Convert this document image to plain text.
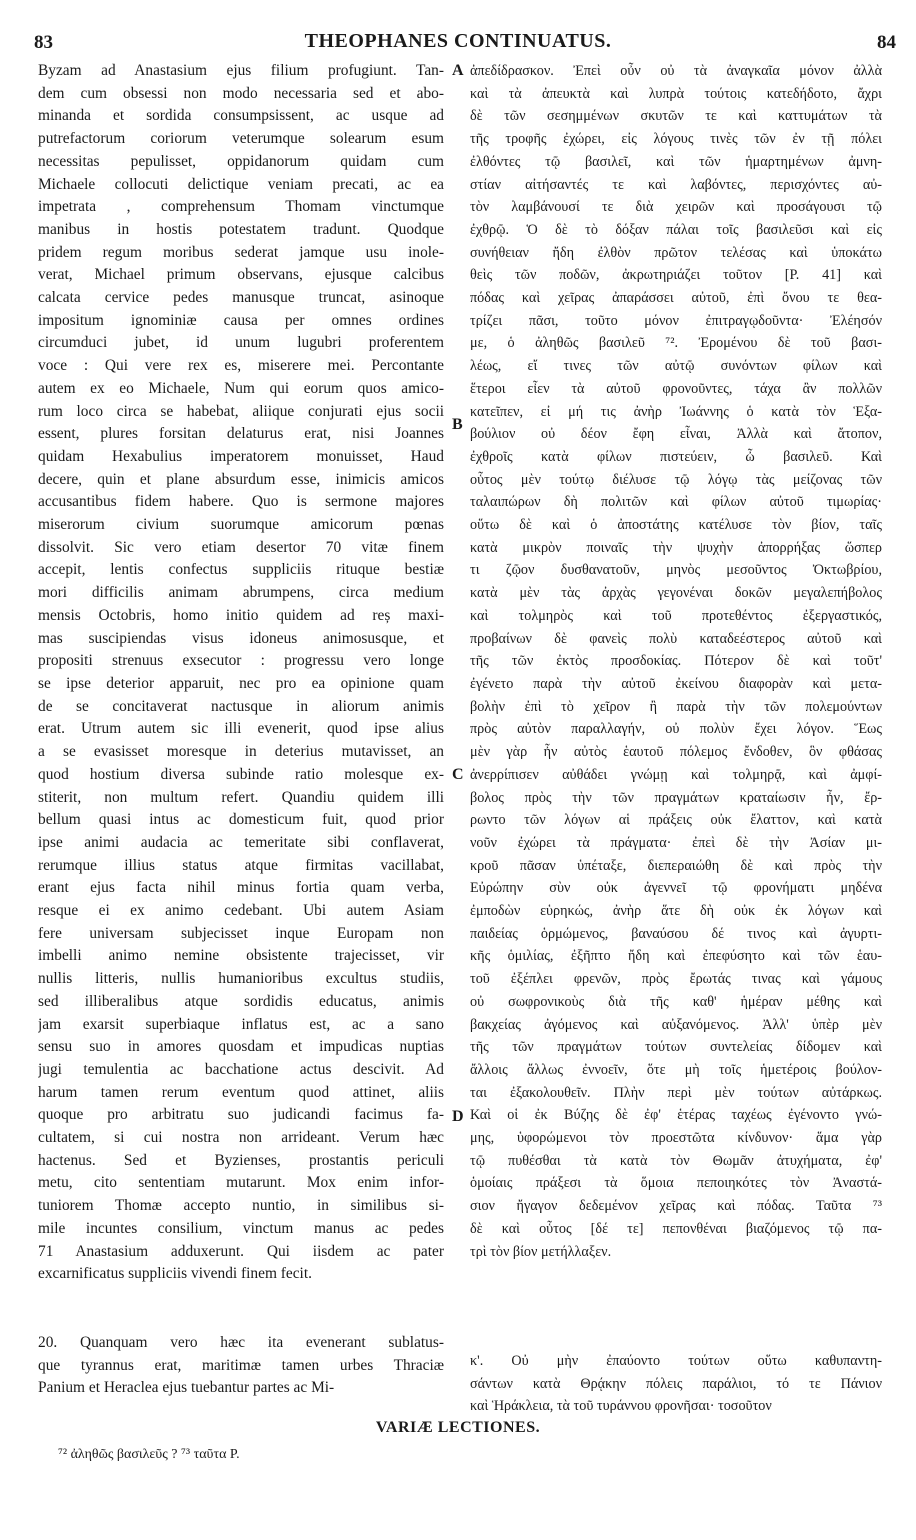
83	THEOPHANES CONTINUATUS.	84
Byzam ad Anastasium ejus filium profugiunt. Tan-
dem cum obsessi non modo necessaria sed et abo-
minanda et sordida consumpsissent, ac usque ad
putrefactorum coriorum veterumque solearum esum
necessitas pepulisset, oppidanorum quidam cum
Michaele collocuti delictique veniam precati, ac ea
impetrata , comprehensum Thomam vinctumque
manibus in hostis potestatem tradunt. Quodque
pridem regum moribus sederat jamque usu inole-
verat, Michael primum observans, ejusque calcibus
calcata cervice pedes manusque truncat, asinoque
impositum ignominiæ causa per omnes ordines
circumduci jubet, id unum lugubri proferentem
voce : Qui vere rex es, miserere mei. Percontante
autem ex eo Michaele, Num qui eorum quos amico-
rum loco circa se habebat, aliique conjurati ejus socii
essent, plures forsitan delaturus erat, nisi Joannes
quidam Hexabulius imperatorem monuisset, Haud
decere, quin et plane absurdum esse, inimicis amicos
accusantibus fidem habere. Quo is sermone majores
miserorum civium suorumque amicorum pœnas
dissolvit. Sic vero etiam desertor 70 vitæ finem
accepit, lentis confectus suppliciis rituque bestiæ
mori difficilis animam abrumpens, circa medium
mensis Octobris, homo initio quidem ad reș maxi-
mas suscipiendas visus idoneus animosusque, et
propositi strenuus exsecutor : progressu vero longe
se ipse deterior apparuit, nec pro ea opinione quam
de se concitaverat nactusque in aliorum animis
erat. Utrum autem sic illi evenerit, quod ipse alius
a se evasisset moresque in deterius mutavisset, an
quod hostium diversa subinde ratio molesque ex-
stiterit, non multum refert. Quandiu quidem illi
bellum quasi intus ac domesticum fuit, quod prior
ipse animi audacia ac temeritate sibi conflaverat,
rerumque illius status atque firmitas vacillabat,
erant ejus facta nihil minus fortia quam verba,
resque ei ex animo cedebant. Ubi autem Asiam
fere universam subjecisset inque Europam non
imbelli animo nemine obsistente trajecisset, vir
nullis litteris, nullis humanioribus excultus studiis,
sed illiberalibus atque sordidis educatus, animis
jam exarsit superbiaque inflatus est, ac a sano
sensu suo in amores quosdam et impudicas nuptias
jugi temulentia ac bacchatione actus descivit. Ad
harum tamen rerum eventum quod attinet, aliis
quoque pro arbitratu suo judicandi facimus fa-
cultatem, si cui nostra non arrideant. Verum hæc
hactenus. Sed et Byzienses, prostantis periculi
metu, cito sententiam mutarunt. Mox enim infor-
tuniorem Thomæ accepto nuntio, in similibus si-
mile incuntes consilium, vinctum manus ac pedes
71 Anastasium adduxerunt. Qui iisdem ac pater
excarnificatus suppliciis vivendi finem fecit.
ἀπεδίδρασκον. Ἐπεὶ οὖν οὐ τὰ ἀναγκαῖα μόνον ἀλλὰ
καὶ τὰ ἀπευκτὰ καὶ λυπρὰ τούτοις κατεδήδοτο, ἄχρι
δὲ τῶν σεσημμένων σκυτῶν τε καὶ καττυμάτων τὰ
τῆς τροφῆς ἐχώρει, εἰς λόγους τινὲς τῶν ἐν τῇ πόλει
ἐλθόντες τῷ βασιλεῖ, καὶ τῶν ἡμαρτημένων ἀμνη-
στίαν αἰτήσαντές τε καὶ λαβόντες, περισχόντες αὐ-
τὸν λαμβάνουσί τε διὰ χειρῶν καὶ προσάγουσι τῷ
ἐχθρῷ. Ὁ δὲ τὸ δόξαν πάλαι τοῖς βασιλεῦσι καὶ εἰς
συνήθειαν ἤδη ἐλθὸν πρῶτον τελέσας καὶ ὑποκάτω
θεὶς τῶν ποδῶν, ἀκρωτηριάζει τοῦτον [P. 41] καὶ
πόδας καὶ χεῖρας ἀπαράσσει αὐτοῦ, ἐπὶ ὄνου τε θεα-
τρίζει πᾶσι, τοῦτο μόνον ἐπιτραγῳδοῦντα· Ἐλέησόν
με, ὁ ἀληθῶς βασιλεῦ ⁷². Ἐρομένου δὲ τοῦ βασι-
λέως, εἴ τινες τῶν αὐτῷ συνόντων φίλων καὶ
ἕτεροι εἶεν τὰ αὐτοῦ φρονοῦντες, τάχα ἂν πολλῶν
κατεῖπεν, εἰ μή τις ἀνὴρ Ἰωάννης ὁ κατὰ τὸν Ἑξα-
βούλιον οὐ δέον ἔφη εἶναι, Ἀλλὰ καὶ ἄτοπον,
ἐχθροῖς κατὰ φίλων πιστεύειν, ὦ βασιλεῦ. Καὶ
οὗτος μὲν τούτῳ διέλυσε τῷ λόγῳ τὰς μείζονας τῶν
ταλαιπώρων δὴ πολιτῶν καὶ φίλων αὐτοῦ τιμωρίας·
οὕτω δὲ καὶ ὁ ἀποστάτης κατέλυσε τὸν βίον, ταῖς
κατὰ μικρὸν ποιναῖς τὴν ψυχὴν ἀπορρήξας ὥσπερ
τι ζῷον δυσθανατοῦν, μηνὸς μεσοῦντος Ὀκτωβρίου,
κατὰ μὲν τὰς ἀρχὰς γεγονέναι δοκῶν μεγαλεπήβολος
καὶ τολμηρὸς καὶ τοῦ προτεθέντος ἐξεργαστικός,
προβαίνων δὲ φανεὶς πολὺ καταδεέστερος αὐτοῦ καὶ
τῆς τῶν ἐκτὸς προσδοκίας. Πότερον δὲ καὶ τοῦτ'
ἐγένετο παρὰ τὴν αὐτοῦ ἐκείνου διαφορὰν καὶ μετα-
βολὴν ἐπὶ τὸ χεῖρον ἢ παρὰ τὴν τῶν πολεμούντων
πρὸς αὐτὸν παραλλαγήν, οὐ πολὺν ἔχει λόγον. Ἕως
μὲν γὰρ ἦν αὐτὸς ἑαυτοῦ πόλεμος ἔνδοθεν, ὃν φθάσας
ἀνερρίπισεν αὐθάδει γνώμῃ καὶ τολμηρᾷ, καὶ ἀμφί-
βολος πρὸς τὴν τῶν πραγμάτων κραταίωσιν ἦν, ἔρ-
ρωντο τῶν λόγων αἱ πράξεις οὐκ ἔλαττον, καὶ κατὰ
νοῦν ἐχώρει τὰ πράγματα· ἐπεὶ δὲ τὴν Ἀσίαν μι-
κροῦ πᾶσαν ὑπέταξε, διεπεραιώθη δὲ καὶ πρὸς τὴν
Εὐρώπην σὺν οὐκ ἀγεννεῖ τῷ φρονήματι μηδένα
ἐμποδὼν εὑρηκώς, ἀνὴρ ἅτε δὴ οὐκ ἐκ λόγων καὶ
παιδείας ὁρμώμενος, βαναύσου δέ τινος καὶ ἀγυρτι-
κῆς ὁμιλίας, ἐξῆπτο ἤδη καὶ ἐπεφύσητο καὶ τῶν ἑαυ-
τοῦ ἐξέπλει φρενῶν, πρὸς ἔρωτάς τινας καὶ γάμους
οὐ σωφρονικοὺς διὰ τῆς καθ' ἡμέραν μέθης καὶ
βακχείας ἀγόμενος καὶ αὐξανόμενος. Ἀλλ' ὑπὲρ μὲν
τῆς τῶν πραγμάτων τούτων συντελείας δίδομεν καὶ
ἄλλοις ἄλλως ἐννοεῖν, ὅτε μὴ τοῖς ἡμετέροις βούλον-
ται ἐξακολουθεῖν. Πλὴν περὶ μὲν τούτων αὐτάρκως.
Καὶ οἱ ἐκ Βύζης δὲ ἐφ' ἑτέρας ταχέως ἐγένοντο γνώ-
μης, ὑφορώμενοι τὸν προεστῶτα κίνδυνον· ἅμα γὰρ
τῷ πυθέσθαι τὰ κατὰ τὸν Θωμᾶν ἀτυχήματα, ἐφ'
ὁμοίαις πράξεσι τὰ ὅμοια πεποιηκότες τὸν Ἀναστά-
σιον ἤγαγον δεδεμένον χεῖρας καὶ πόδας. Ταῦτα ⁷³
δὲ καὶ οὗτος [δέ τε] πεπονθέναι βιαζόμενος τῷ πα-
τρὶ τὸν βίον μετήλλαξεν.
A
B
C
D
20. Quanquam vero hæc ita evenerant sublatus-
que tyrannus erat, maritimæ tamen urbes Thraciæ
Panium et Heraclea ejus tuebantur partes ac Mi-
κ'. Οὐ μὴν ἐπαύοντο τούτων οὕτω καθυπαντη-
σάντων κατὰ Θρᾴκην πόλεις παράλιοι, τό τε Πάνιον
καὶ Ἡράκλεια, τὰ τοῦ τυράννου φρονῆσαι· τοσοῦτον
VARIÆ LECTIONES.
⁷² ἀληθῶς βασιλεῦς ? ⁷³ ταῦτα P.
